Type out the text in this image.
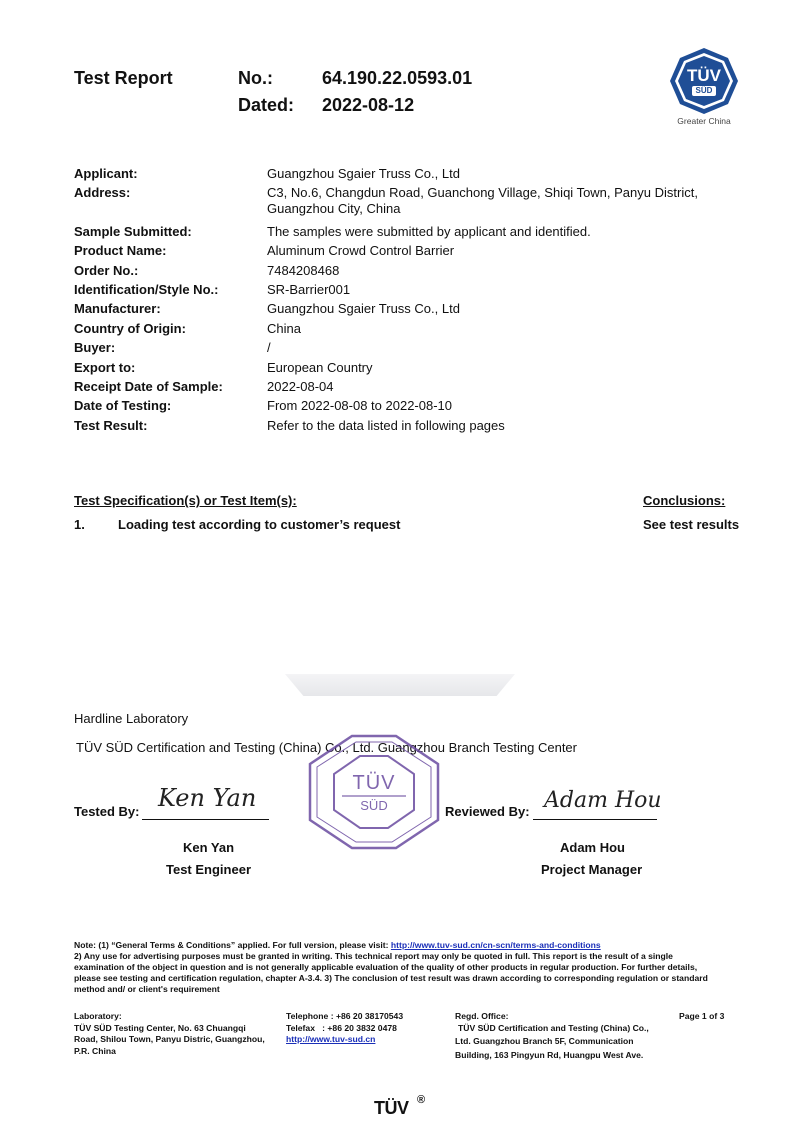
Test Report	No.:	64.190.22.0593.01
Dated: 2022-08-12
TÜV
SÜD
Greater China
Applicant:	Guangzhou Sgaier Truss Co., Ltd
Address:	C3, No.6, Changdun Road, Guanchong Village, Shiqi Town, Panyu District,
Guangzhou City, China
Sample Submitted:	The samples were submitted by applicant and identified.
Product Name:	Aluminum Crowd Control Barrier
Order No.:	7484208468
Identification/Style No.:	SR-Barrier001
Manufacturer:	Guangzhou Sgaier Truss Co., Ltd
Country of Origin:	China
Buyer:	/
Export to:	European Country
Receipt Date of Sample:	2022-08-04
Date of Testing:	From 2022-08-08 to 2022-08-10
Test Result:	Refer to the data listed in following pages
Test Specification(s) or Test Item(s):	Conclusions:
1.	Loading test according to customer’s request	See test results
Hardline Laboratory
TÜV SÜD Certification and Testing (China) Co., Ltd. Guangzhou Branch Testing Center
TÜV
SÜD
Tested By: Ken Yan
Ken Yan
Test Engineer
Reviewed By: Adam Hou
Adam Hou
Project Manager
Note: (1) “General Terms & Conditions” applied. For full version, please visit: http://www.tuv-sud.cn/cn-scn/terms-and-conditions
2) Any use for advertising purposes must be granted in writing. This technical report may only be quoted in full. This report is the result of a single
examination of the object in question and is not generally applicable evaluation of the quality of other products in regular production. For further details,
please see testing and certification regulation, chapter A-3.4. 3) The conclusion of test result was drawn according to corresponding regulation or standard
method and/ or client's requirement
Laboratory:
TÜV SÜD Testing Center, No. 63 Chuangqi
Road, Shilou Town, Panyu Distric, Guangzhou,
P.R. China
Telephone : +86 20 38170543
Telefax   : +86 20 3832 0478
http://www.tuv-sud.cn
Regd. Office:
TÜV SÜD Certification and Testing (China) Co.,
Ltd. Guangzhou Branch 5F, Communication
Building, 163 Pingyun Rd, Huangpu West Ave.
Page 1 of 3
TÜV ®
